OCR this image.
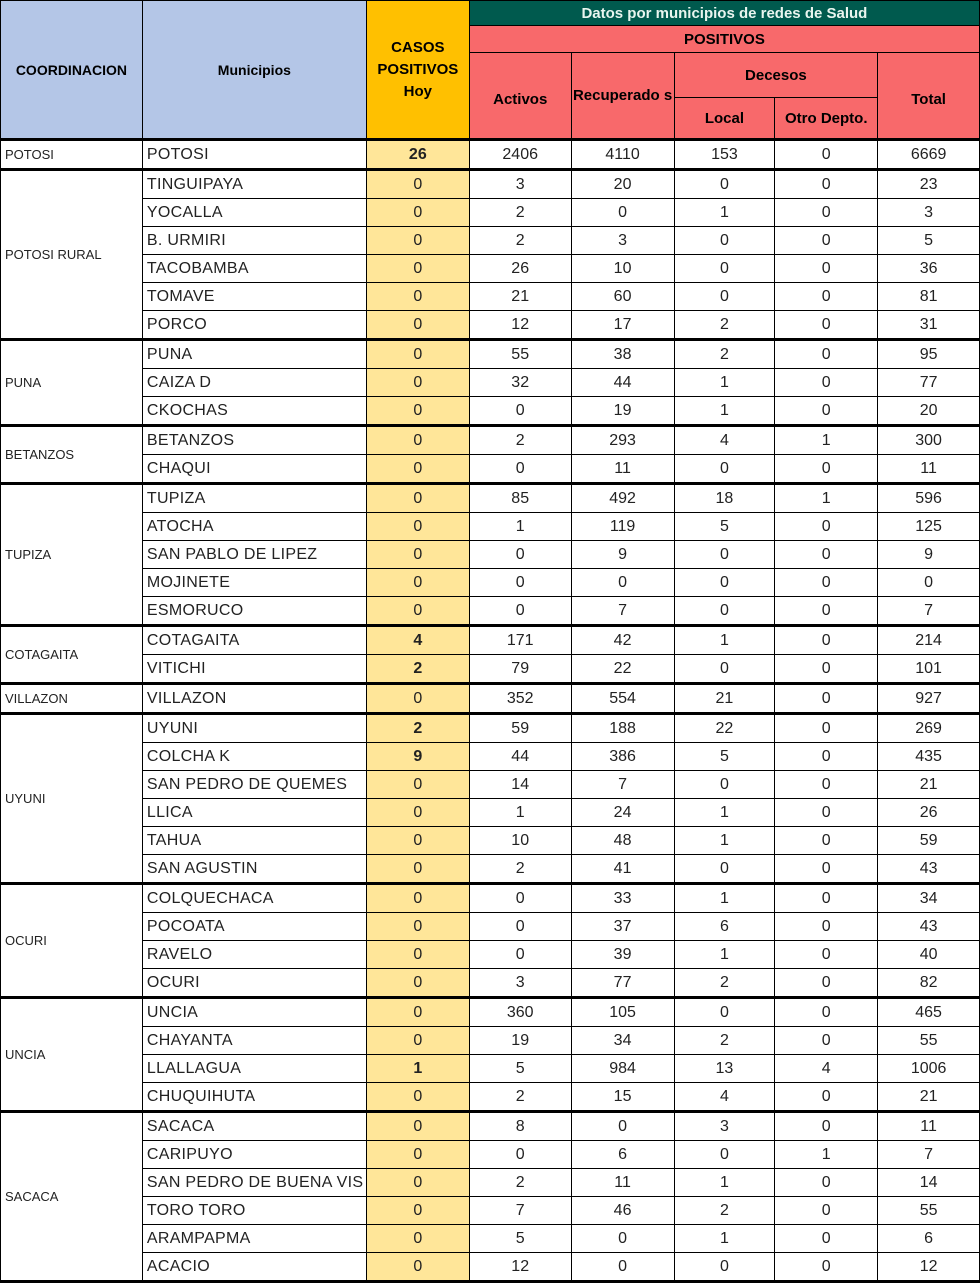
COORDINACION	Municipios	CASOS POSITIVOS Hoy	Datos por municipios de redes de Salud				
			POSITIVOS				
			Activos	Recuperado s	Decesos		Total
					Local	Otro Depto.	
POTOSI	POTOSI	26	2406	4110	153	0	6669
POTOSI RURAL	TINGUIPAYA	0	3	20	0	0	23
	YOCALLA	0	2	0	1	0	3
	B. URMIRI	0	2	3	0	0	5
	TACOBAMBA	0	26	10	0	0	36
	TOMAVE	0	21	60	0	0	81
	PORCO	0	12	17	2	0	31
PUNA	PUNA	0	55	38	2	0	95
	CAIZA D	0	32	44	1	0	77
	CKOCHAS	0	0	19	1	0	20
BETANZOS	BETANZOS	0	2	293	4	1	300
	CHAQUI	0	0	11	0	0	11
TUPIZA	TUPIZA	0	85	492	18	1	596
	ATOCHA	0	1	119	5	0	125
	SAN PABLO DE LIPEZ	0	0	9	0	0	9
	MOJINETE	0	0	0	0	0	0
	ESMORUCO	0	0	7	0	0	7
COTAGAITA	COTAGAITA	4	171	42	1	0	214
	VITICHI	2	79	22	0	0	101
VILLAZON	VILLAZON	0	352	554	21	0	927
UYUNI	UYUNI	2	59	188	22	0	269
	COLCHA K	9	44	386	5	0	435
	SAN PEDRO DE QUEMES	0	14	7	0	0	21
	LLICA	0	1	24	1	0	26
	TAHUA	0	10	48	1	0	59
	SAN AGUSTIN	0	2	41	0	0	43
OCURI	COLQUECHACA	0	0	33	1	0	34
	POCOATA	0	0	37	6	0	43
	RAVELO	0	0	39	1	0	40
	OCURI	0	3	77	2	0	82
UNCIA	UNCIA	0	360	105	0	0	465
	CHAYANTA	0	19	34	2	0	55
	LLALLAGUA	1	5	984	13	4	1006
	CHUQUIHUTA	0	2	15	4	0	21
SACACA	SACACA	0	8	0	3	0	11
	CARIPUYO	0	0	6	0	1	7
	SAN PEDRO DE BUENA VIS	0	2	11	1	0	14
	TORO TORO	0	7	46	2	0	55
	ARAMPAPMA	0	5	0	1	0	6
	ACACIO	0	12	0	0	0	12
